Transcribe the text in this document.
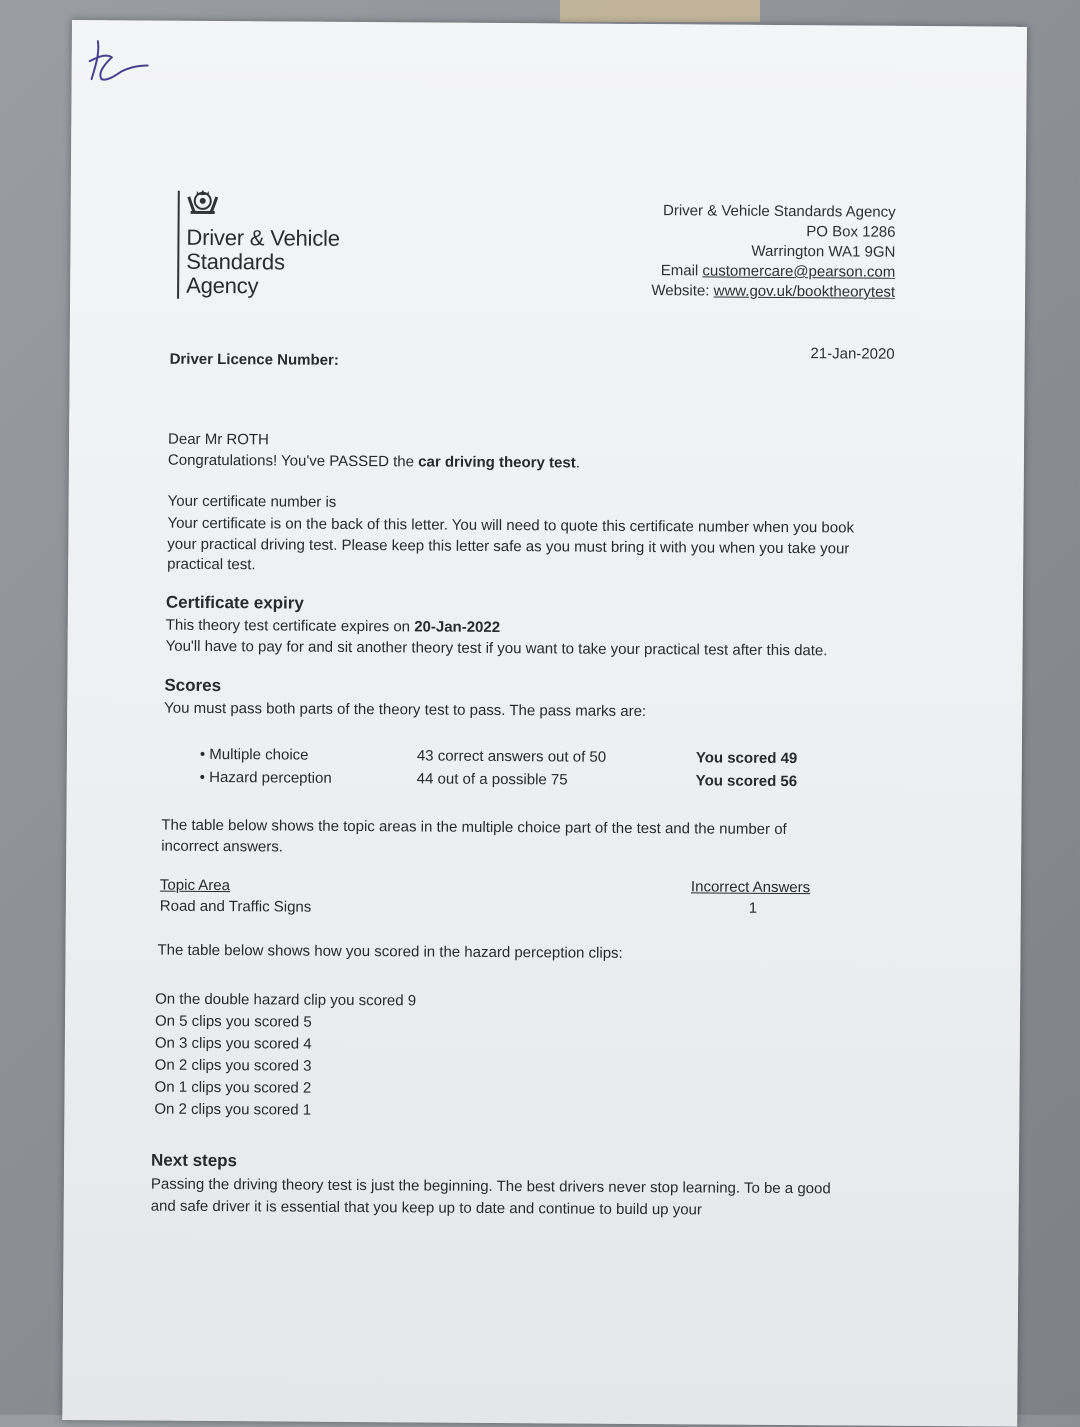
Driver & Vehicle
Standards
Agency
Driver & Vehicle Standards Agency
PO Box 1286
Warrington WA1 9GN
Email customercare@pearson.com
Website: www.gov.uk/booktheorytest
21-Jan-2020
Driver Licence Number:
Dear Mr ROTH
Congratulations! You've PASSED the car driving theory test.
Your certificate number is
Your certificate is on the back of this letter. You will need to quote this certificate number when you book your practical driving test. Please keep this letter safe as you must bring it with you when you take your practical test.
Certificate expiry
This theory test certificate expires on 20-Jan-2022
You'll have to pay for and sit another theory test if you want to take your practical test after this date.
Scores
You must pass both parts of the theory test to pass. The pass marks are:
• Multiple choice	43 correct answers out of 50	You scored 49
• Hazard perception	44 out of a possible 75	You scored 56
The table below shows the topic areas in the multiple choice part of the test and the number of incorrect answers.
Topic Area	Incorrect Answers
Road and Traffic Signs	1
The table below shows how you scored in the hazard perception clips:
On the double hazard clip you scored 9
On 5 clips you scored 5
On 3 clips you scored 4
On 2 clips you scored 3
On 1 clips you scored 2
On 2 clips you scored 1
Next steps
Passing the driving theory test is just the beginning. The best drivers never stop learning. To be a good and safe driver it is essential that you keep up to date and continue to build up your
